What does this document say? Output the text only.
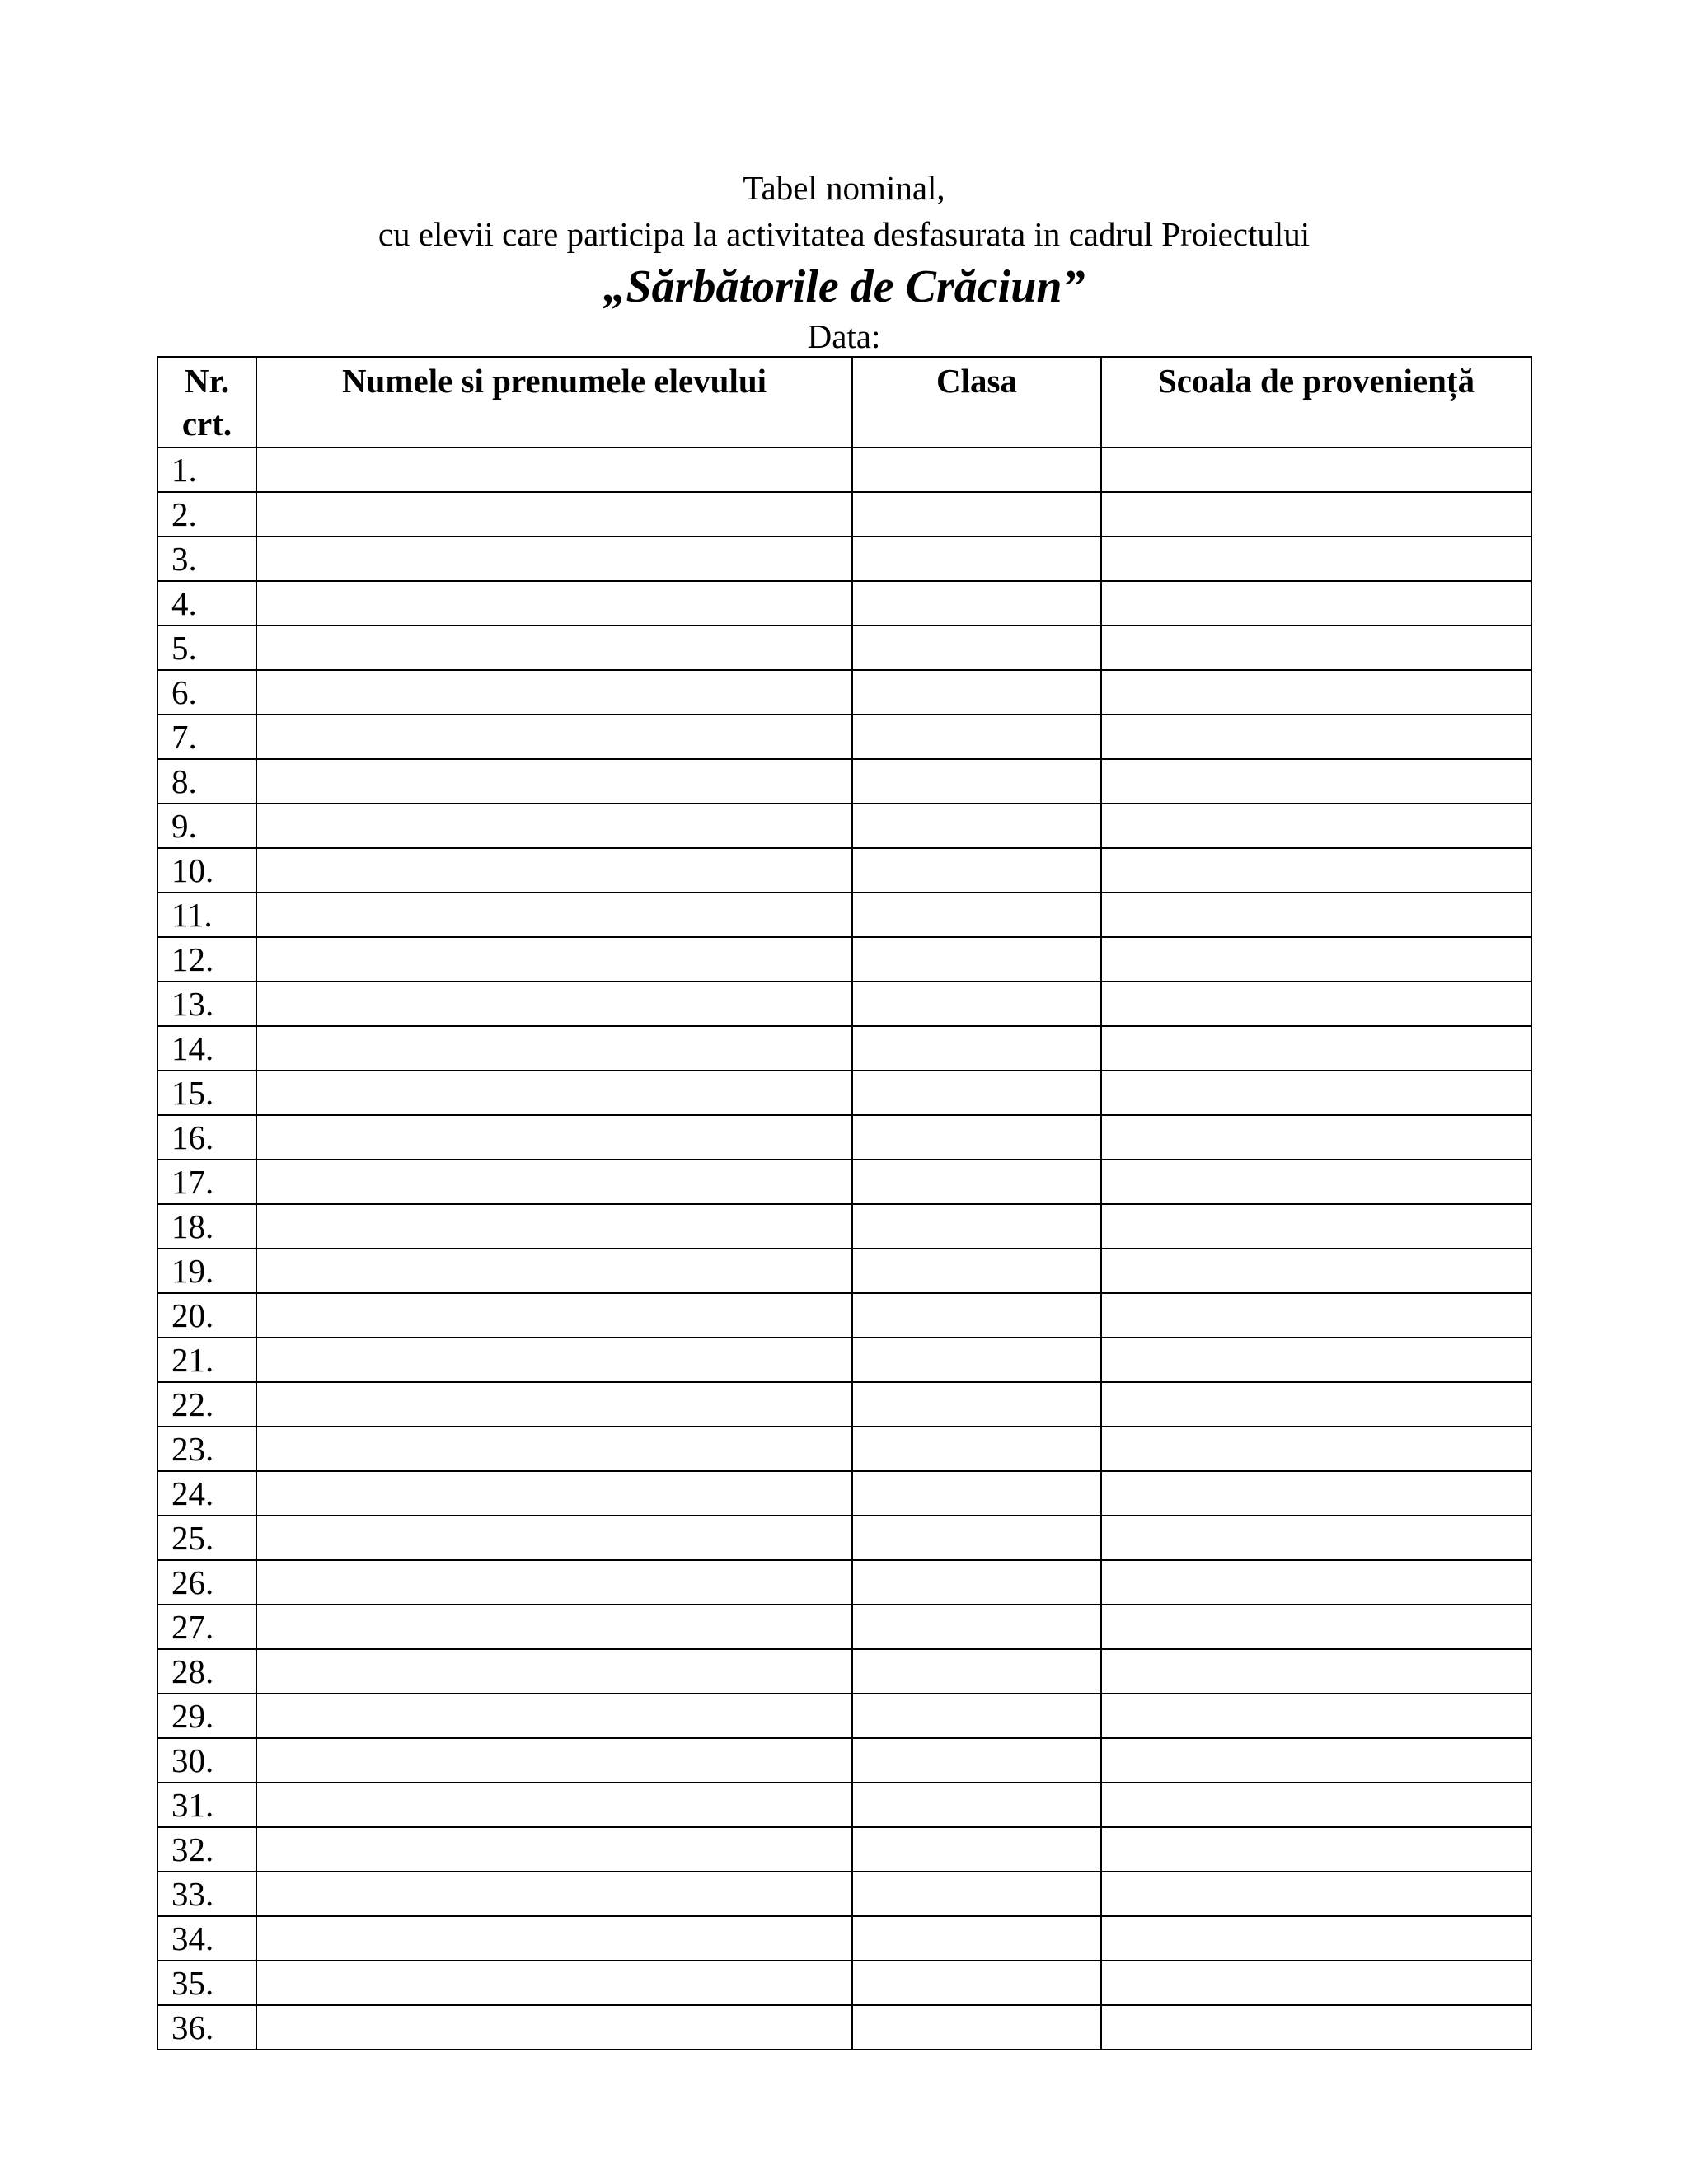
Tabel nominal,
cu elevii care participa la activitatea desfasurata in cadrul Proiectului
„Sărbătorile de Crăciun”
Data:
Nr. crt.	Numele si prenumele elevului	Clasa	Scoala de proveniență
1.			
2.			
3.			
4.			
5.			
6.			
7.			
8.			
9.			
10.			
11.			
12.			
13.			
14.			
15.			
16.			
17.			
18.			
19.			
20.			
21.			
22.			
23.			
24.			
25.			
26.			
27.			
28.			
29.			
30.			
31.			
32.			
33.			
34.			
35.			
36.			
